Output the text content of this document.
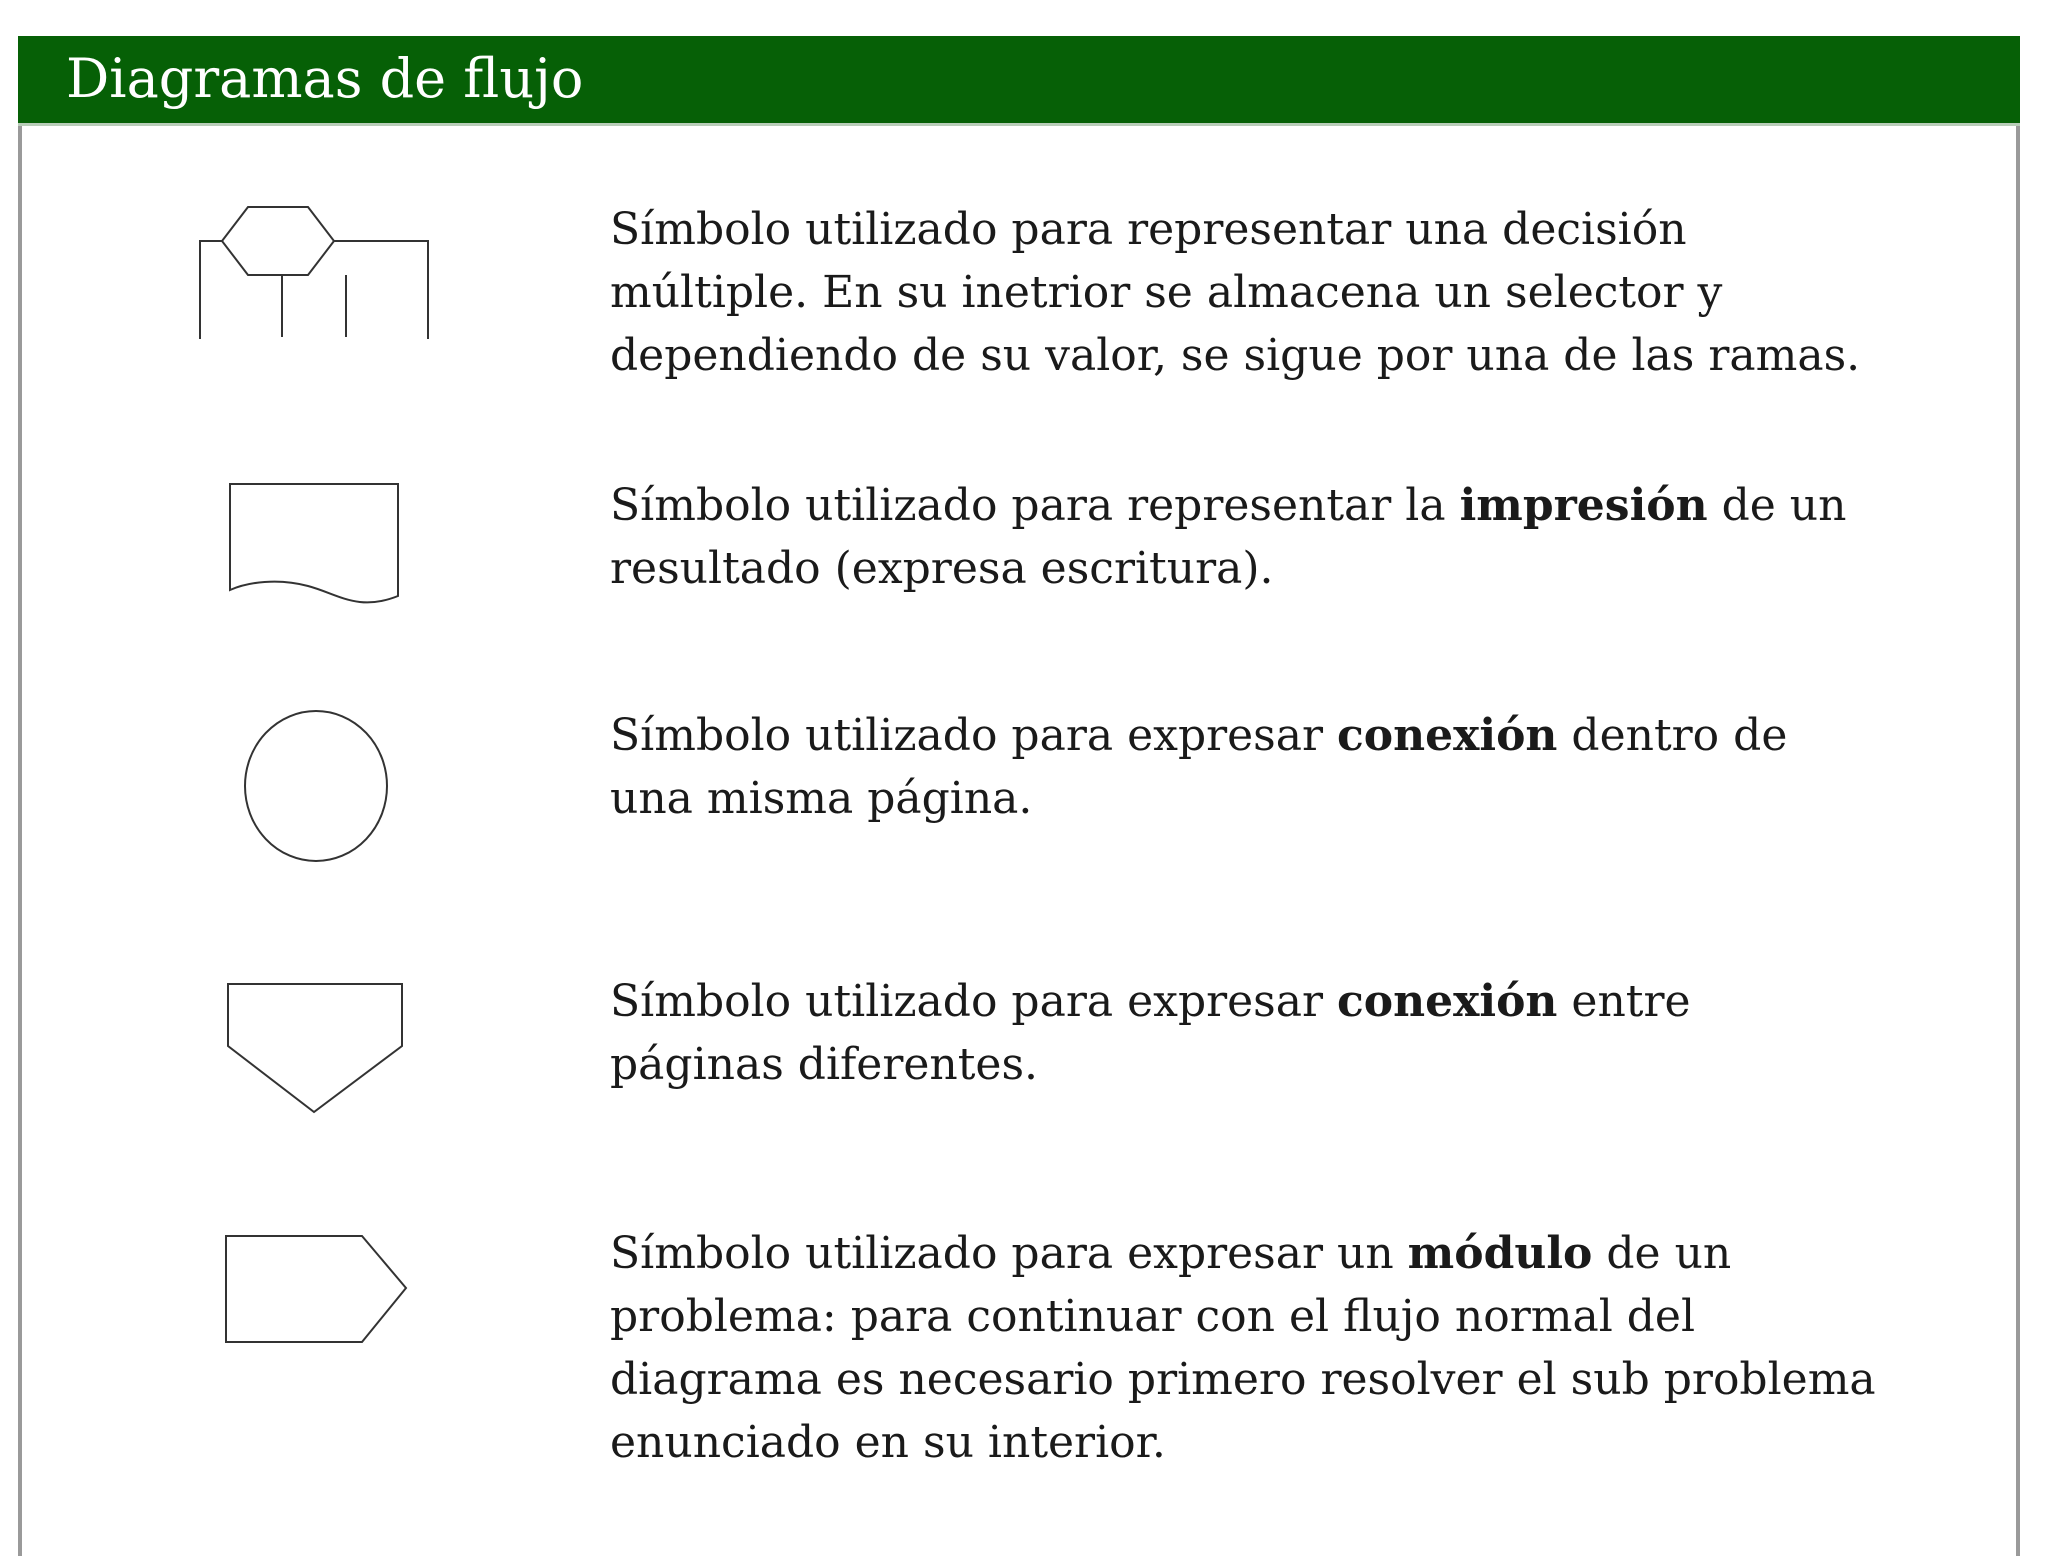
Diagramas de flujo
Símbolo utilizado para representar una decisión
múltiple. En su inetrior se almacena un selector y
dependiendo de su valor, se sigue por una de las ramas.
Símbolo utilizado para representar la impresión de un
resultado (expresa escritura).
Símbolo utilizado para expresar conexión dentro de
una misma página.
Símbolo utilizado para expresar conexión entre
páginas diferentes.
Símbolo utilizado para expresar un módulo de un
problema: para continuar con el flujo normal del
diagrama es necesario primero resolver el sub problema
enunciado en su interior.
